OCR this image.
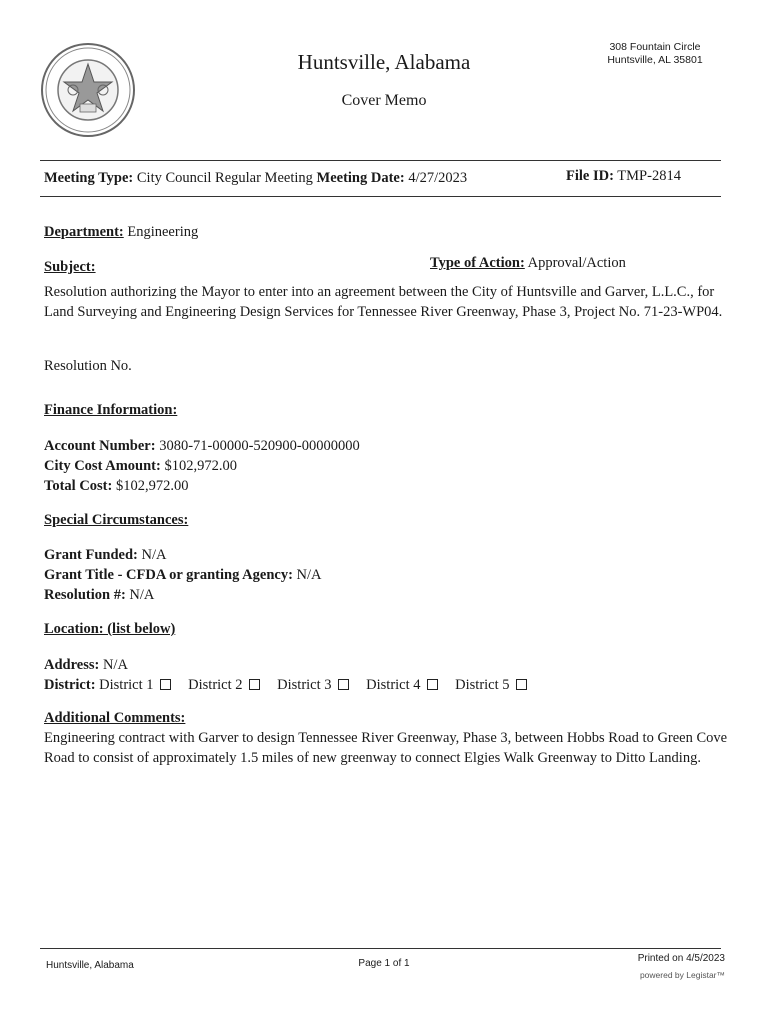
Huntsville, Alabama
Cover Memo
308 Fountain Circle
Huntsville, AL 35801
Meeting Type: City Council Regular Meeting Meeting Date: 4/27/2023	File ID: TMP-2814
Department: Engineering
Subject:	Type of Action: Approval/Action
Resolution authorizing the Mayor to enter into an agreement between the City of Huntsville and Garver, L.L.C., for Land Surveying and Engineering Design Services for Tennessee River Greenway, Phase 3, Project No. 71-23-WP04.
Resolution No.
Finance Information:
Account Number: 3080-71-00000-520900-00000000
City Cost Amount: $102,972.00
Total Cost: $102,972.00
Special Circumstances:
Grant Funded: N/A
Grant Title - CFDA or granting Agency: N/A
Resolution #: N/A
Location: (list below)
Address: N/A
District: District 1 District 2 District 3 District 4 District 5
Additional Comments:
Engineering contract with Garver to design Tennessee River Greenway, Phase 3, between Hobbs Road to Green Cove Road to consist of approximately 1.5 miles of new greenway to connect Elgies Walk Greenway to Ditto Landing.
Huntsville, Alabama	Page 1 of 1	Printed on 4/5/2023
powered by Legistar™
